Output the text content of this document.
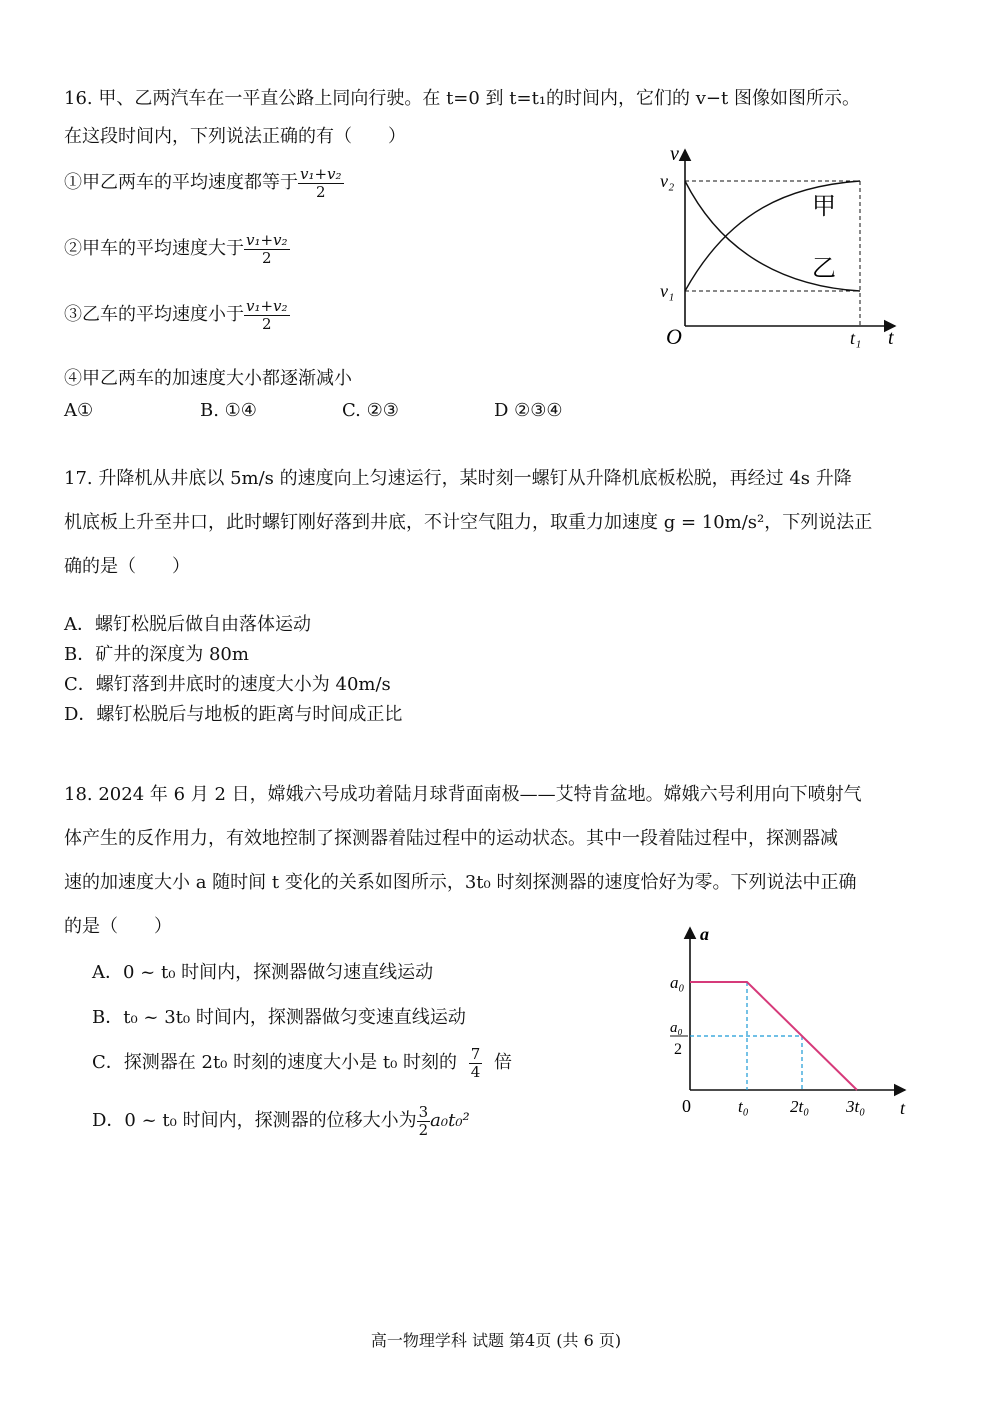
16. 甲、乙两汽车在一平直公路上同向行驶。在 t=0 到 t=t₁的时间内，它们的 v−t 图像如图所示。
在这段时间内，下列说法正确的有（　　）
①甲乙两车的平均速度都等于 $\frac{\text{v₁+v₂}}{2}$
②甲车的平均速度大于 $\frac{\text{v₁+v₂}}{2}$
③乙车的平均速度小于 $\frac{\text{v₁+v₂}}{2}$
④甲乙两车的加速度大小都逐渐减小
A①	B. ①④	C. ②③	D ②③④
v
t
O
v₂
v₁
t₁
甲
乙
17. 升降机从井底以 5m/s 的速度向上匀速运行，某时刻一螺钉从升降机底板松脱，再经过 4s 升降
机底板上升至井口，此时螺钉刚好落到井底，不计空气阻力，取重力加速度 g = 10m/s²，下列说法正
确的是（　　）
A．螺钉松脱后做自由落体运动
B．矿井的深度为 80m
C．螺钉落到井底时的速度大小为 40m/s
D．螺钉松脱后与地板的距离与时间成正比
18. 2024 年 6 月 2 日，嫦娥六号成功着陆月球背面南极——艾特肯盆地。嫦娥六号利用向下喷射气
体产生的反作用力，有效地控制了探测器着陆过程中的运动状态。其中一段着陆过程中，探测器减
速的加速度大小 a 随时间 t 变化的关系如图所示，3t₀ 时刻探测器的速度恰好为零。下列说法中正确
的是（　　）
A．0 ~ t₀ 时间内，探测器做匀速直线运动
B．t₀ ~ 3t₀ 时间内，探测器做匀变速直线运动
C．探测器在 2t₀ 时刻的速度大小是 t₀ 时刻的 $\frac{7}{4}$ 倍
D．0 ~ t₀ 时间内，探测器的位移大小为 $\frac{3}{2} a_0t_0^2$
a
t
0
a₀
a₀
2
t₀ 2t₀ 3t₀
高一物理学科 试题 第4页 (共 6 页)
